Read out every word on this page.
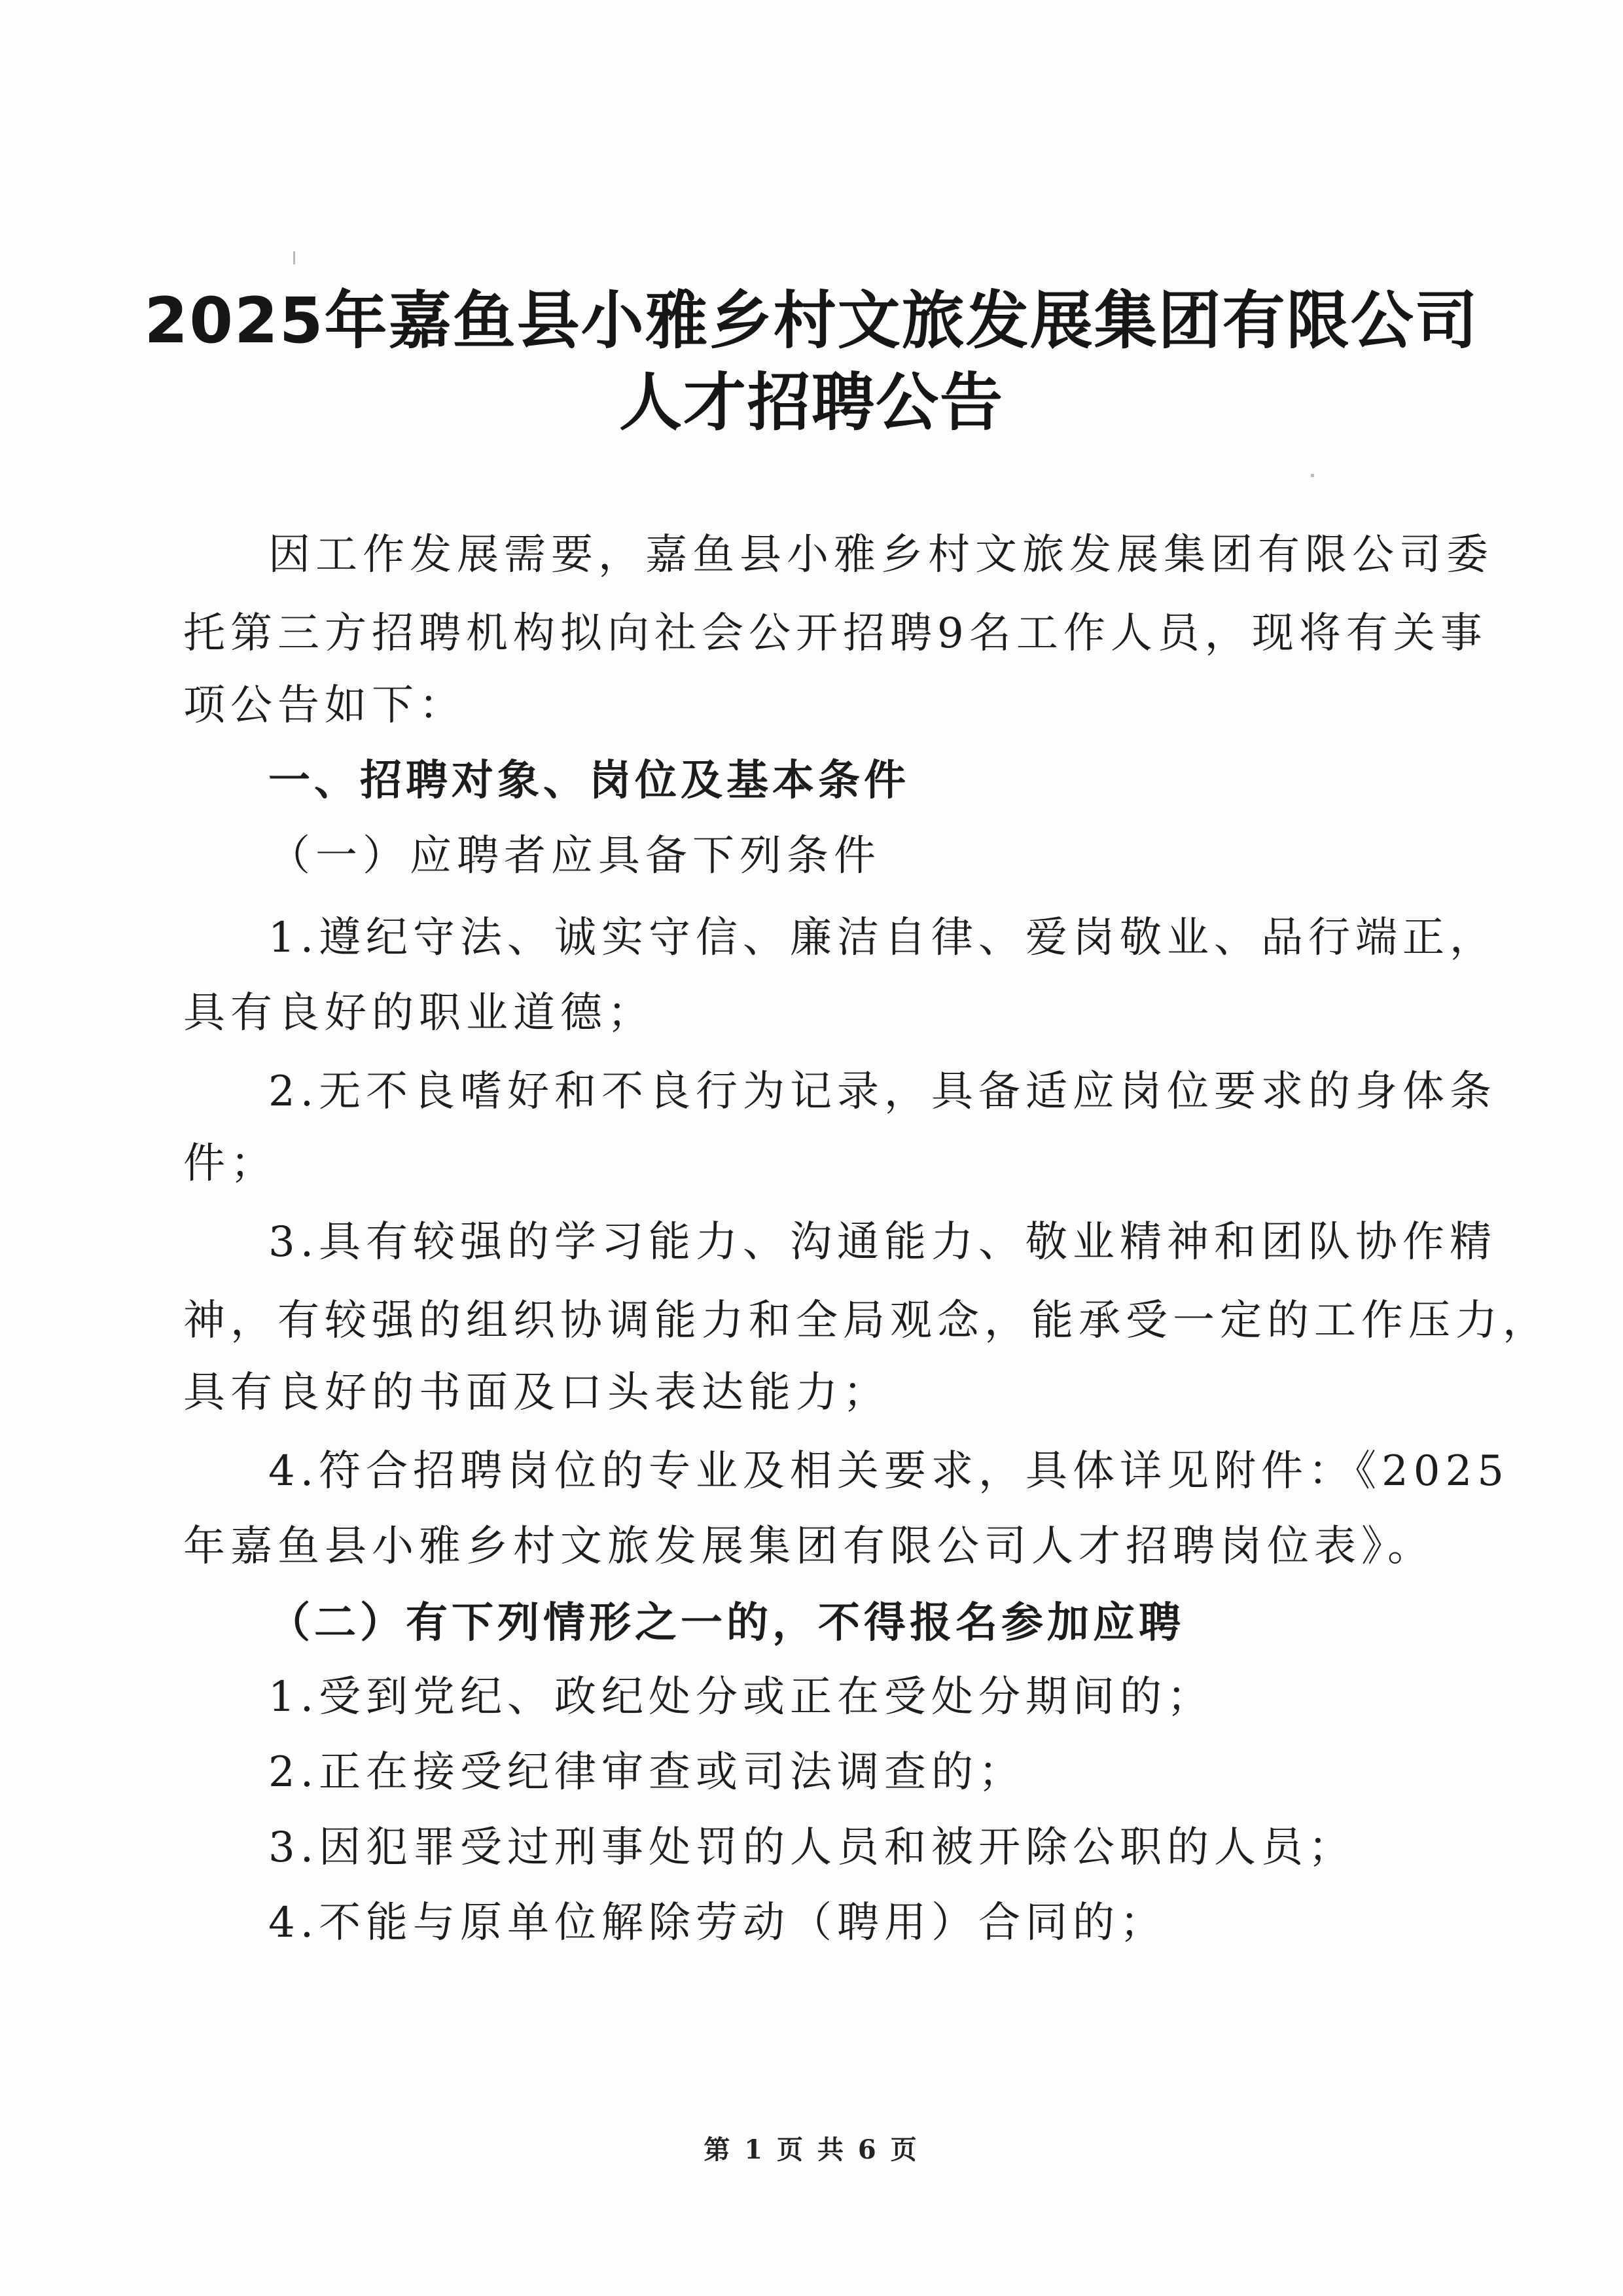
2025年嘉鱼县小雅乡村文旅发展集团有限公司
人才招聘公告
因工作发展需要，嘉鱼县小雅乡村文旅发展集团有限公司委
托第三方招聘机构拟向社会公开招聘9名工作人员，现将有关事
项公告如下：
一、招聘对象、岗位及基本条件
（一）应聘者应具备下列条件
1.遵纪守法、诚实守信、廉洁自律、爱岗敬业、品行端正，
具有良好的职业道德；
2.无不良嗜好和不良行为记录，具备适应岗位要求的身体条
件；
3.具有较强的学习能力、沟通能力、敬业精神和团队协作精
神，有较强的组织协调能力和全局观念，能承受一定的工作压力，
具有良好的书面及口头表达能力；
4.符合招聘岗位的专业及相关要求，具体详见附件：《2025
年嘉鱼县小雅乡村文旅发展集团有限公司人才招聘岗位表》。
（二）有下列情形之一的，不得报名参加应聘
1.受到党纪、政纪处分或正在受处分期间的；
2.正在接受纪律审查或司法调查的；
3.因犯罪受过刑事处罚的人员和被开除公职的人员；
4.不能与原单位解除劳动（聘用）合同的；
第 1 页 共 6 页
